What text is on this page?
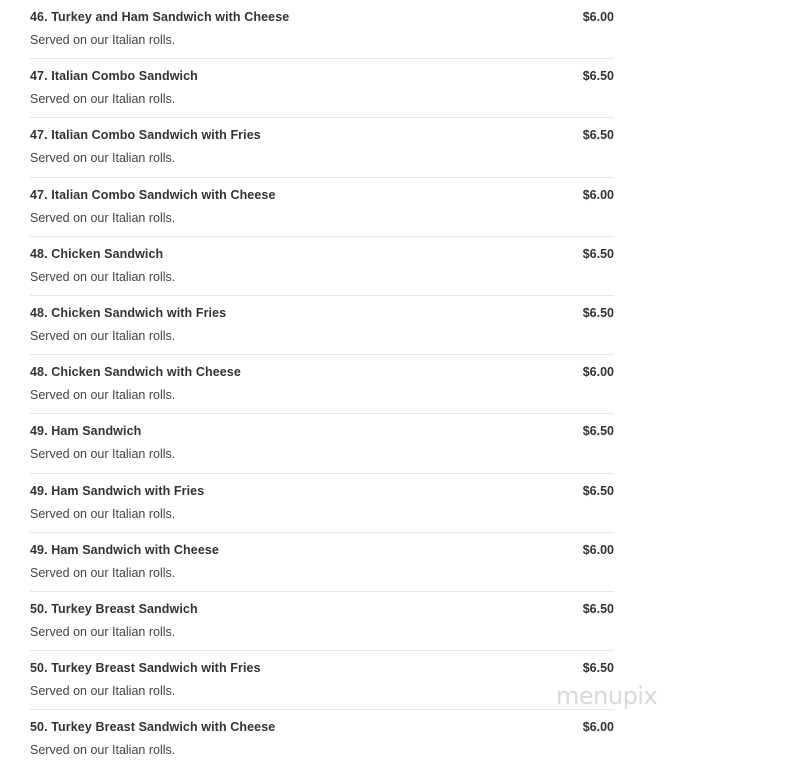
46. Turkey and Ham Sandwich with Cheese	$6.00
Served on our Italian rolls.
47. Italian Combo Sandwich	$6.50
Served on our Italian rolls.
47. Italian Combo Sandwich with Fries	$6.50
Served on our Italian rolls.
47. Italian Combo Sandwich with Cheese	$6.00
Served on our Italian rolls.
48. Chicken Sandwich	$6.50
Served on our Italian rolls.
48. Chicken Sandwich with Fries	$6.50
Served on our Italian rolls.
48. Chicken Sandwich with Cheese	$6.00
Served on our Italian rolls.
49. Ham Sandwich	$6.50
Served on our Italian rolls.
49. Ham Sandwich with Fries	$6.50
Served on our Italian rolls.
49. Ham Sandwich with Cheese	$6.00
Served on our Italian rolls.
50. Turkey Breast Sandwich	$6.50
Served on our Italian rolls.
50. Turkey Breast Sandwich with Fries	$6.50
Served on our Italian rolls.
50. Turkey Breast Sandwich with Cheese	$6.00
Served on our Italian rolls.
menupix
